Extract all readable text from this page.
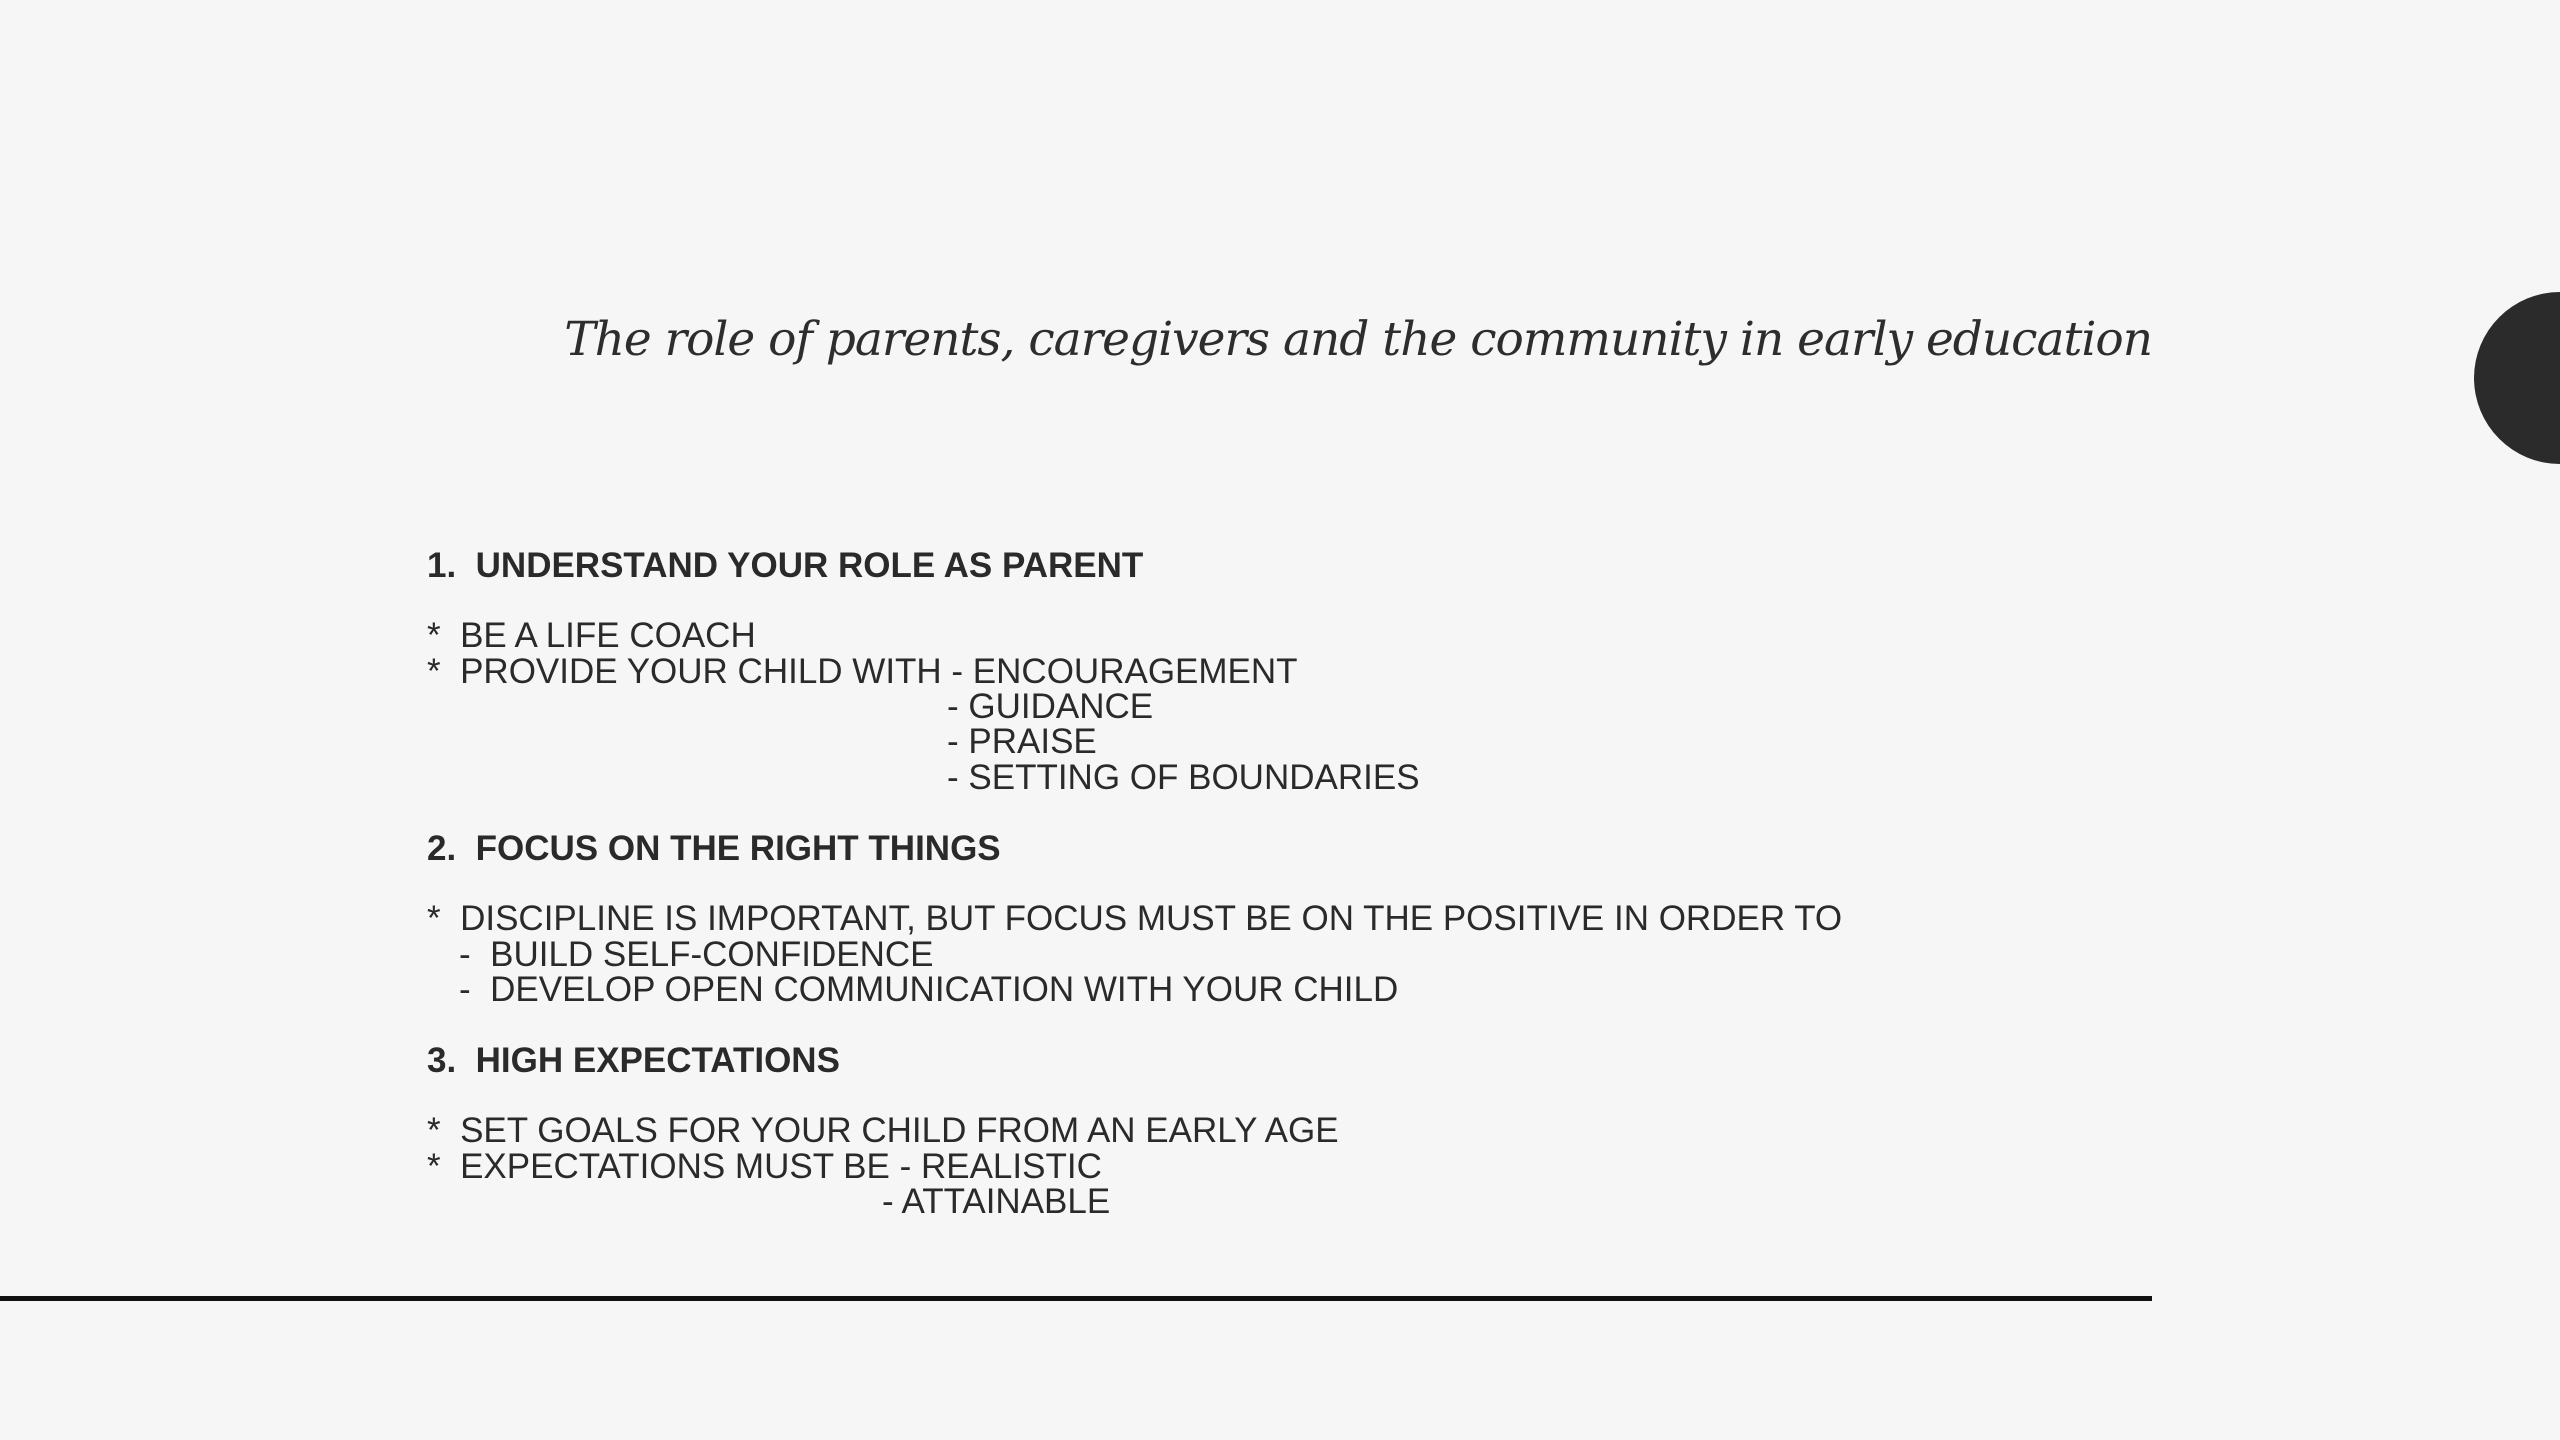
The role of parents, caregivers and the community in early education

1.  UNDERSTAND YOUR ROLE AS PARENT

*  BE A LIFE COACH

*  PROVIDE YOUR CHILD WITH - ENCOURAGEMENT

- GUIDANCE

- PRAISE

- SETTING OF BOUNDARIES

2.  FOCUS ON THE RIGHT THINGS

*  DISCIPLINE IS IMPORTANT, BUT FOCUS MUST BE ON THE POSITIVE IN ORDER TO

-  BUILD SELF-CONFIDENCE

-  DEVELOP OPEN COMMUNICATION WITH YOUR CHILD

3.  HIGH EXPECTATIONS

*  SET GOALS FOR YOUR CHILD FROM AN EARLY AGE

*  EXPECTATIONS MUST BE - REALISTIC

- ATTAINABLE
